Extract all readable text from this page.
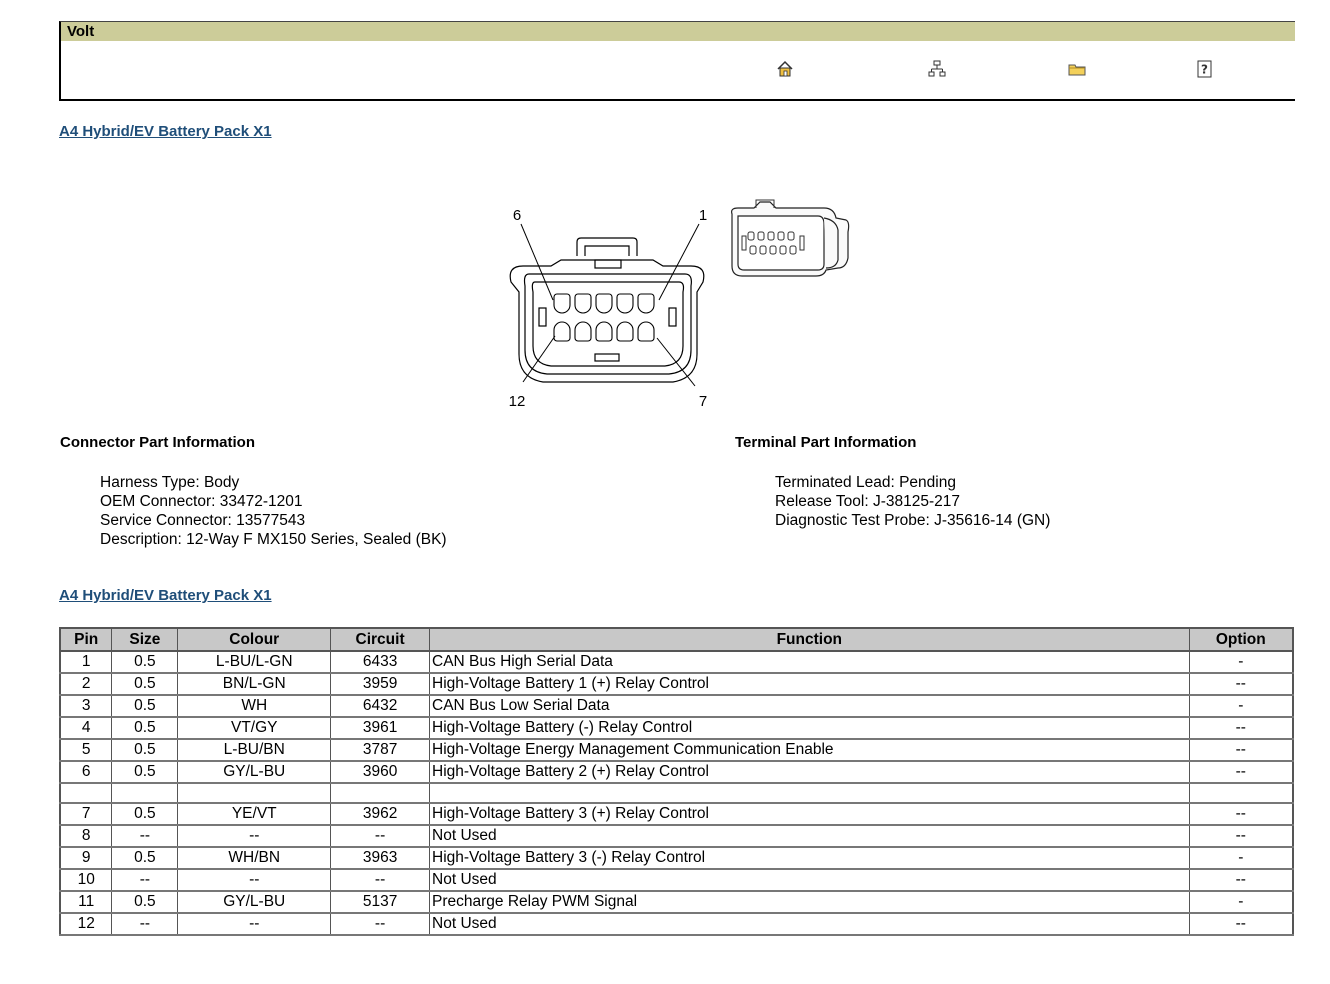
Volt
?
A4 Hybrid/EV Battery Pack X1
6	1
12	7
Connector Part Information
Harness Type: Body
OEM Connector: 33472-1201
Service Connector: 13577543
Description: 12-Way F MX150 Series, Sealed (BK)
Terminal Part Information
Terminated Lead: Pending
Release Tool: J-38125-217
Diagnostic Test Probe: J-35616-14 (GN)
A4 Hybrid/EV Battery Pack X1
Pin	Size	Colour	Circuit	Function	Option
1	0.5	L-BU/L-GN	6433	CAN Bus High Serial Data	-
2	0.5	BN/L-GN	3959	High-Voltage Battery 1 (+) Relay Control	--
3	0.5	WH	6432	CAN Bus Low Serial Data	-
4	0.5	VT/GY	3961	High-Voltage Battery (-) Relay Control	--
5	0.5	L-BU/BN	3787	High-Voltage Energy Management Communication Enable	--
6	0.5	GY/L-BU	3960	High-Voltage Battery 2 (+) Relay Control	--

7	0.5	YE/VT	3962	High-Voltage Battery 3 (+) Relay Control	--
8	--	--	--	Not Used	--
9	0.5	WH/BN	3963	High-Voltage Battery 3 (-) Relay Control	-
10	--	--	--	Not Used	--
11	0.5	GY/L-BU	5137	Precharge Relay PWM Signal	-
12	--	--	--	Not Used	--
